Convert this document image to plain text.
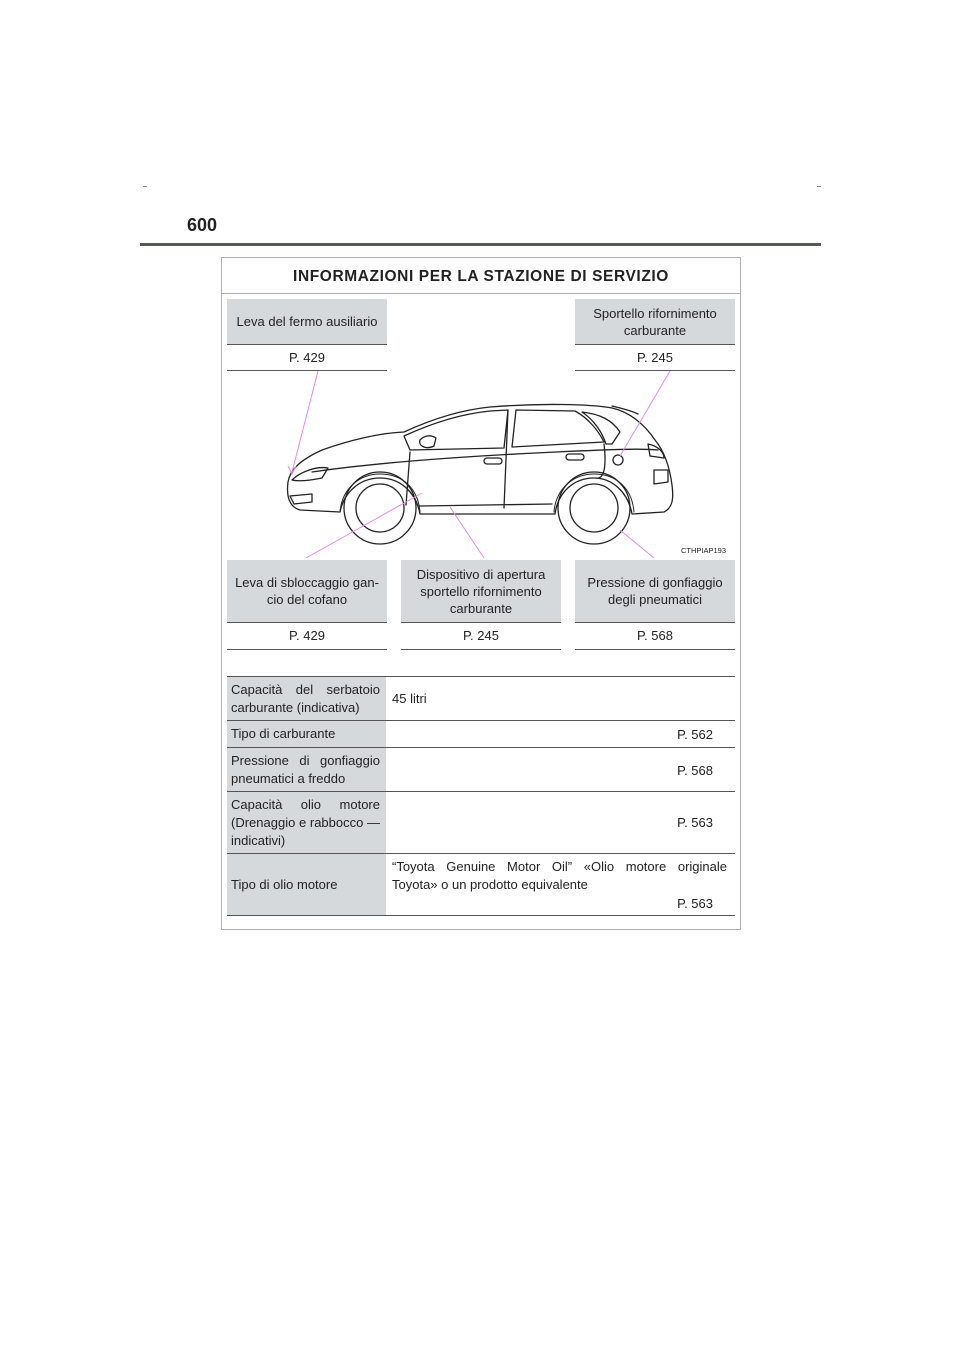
600
INFORMAZIONI PER LA STAZIONE DI SERVIZIO
Leva del fermo ausiliario
P. 429
Sportello rifornimento carburante
P. 245
CTHPIAP193
Leva di sbloccaggio gan-cio del cofano
P. 429
Dispositivo di apertura sportello rifornimento carburante
P. 245
Pressione di gonfiaggio degli pneumatici
P. 568
Capacità del serbatoio carburante (indicativa)
45 litri
Tipo di carburante	P. 562
Pressione di gonfiaggio pneumatici a freddo	P. 568
Capacità olio motore (Drenaggio e rabbocco — indicativi)
P. 563
Tipo di olio motore
“Toyota Genuine Motor Oil” «Olio motore originale Toyota» o un prodotto equivalente
P. 563
